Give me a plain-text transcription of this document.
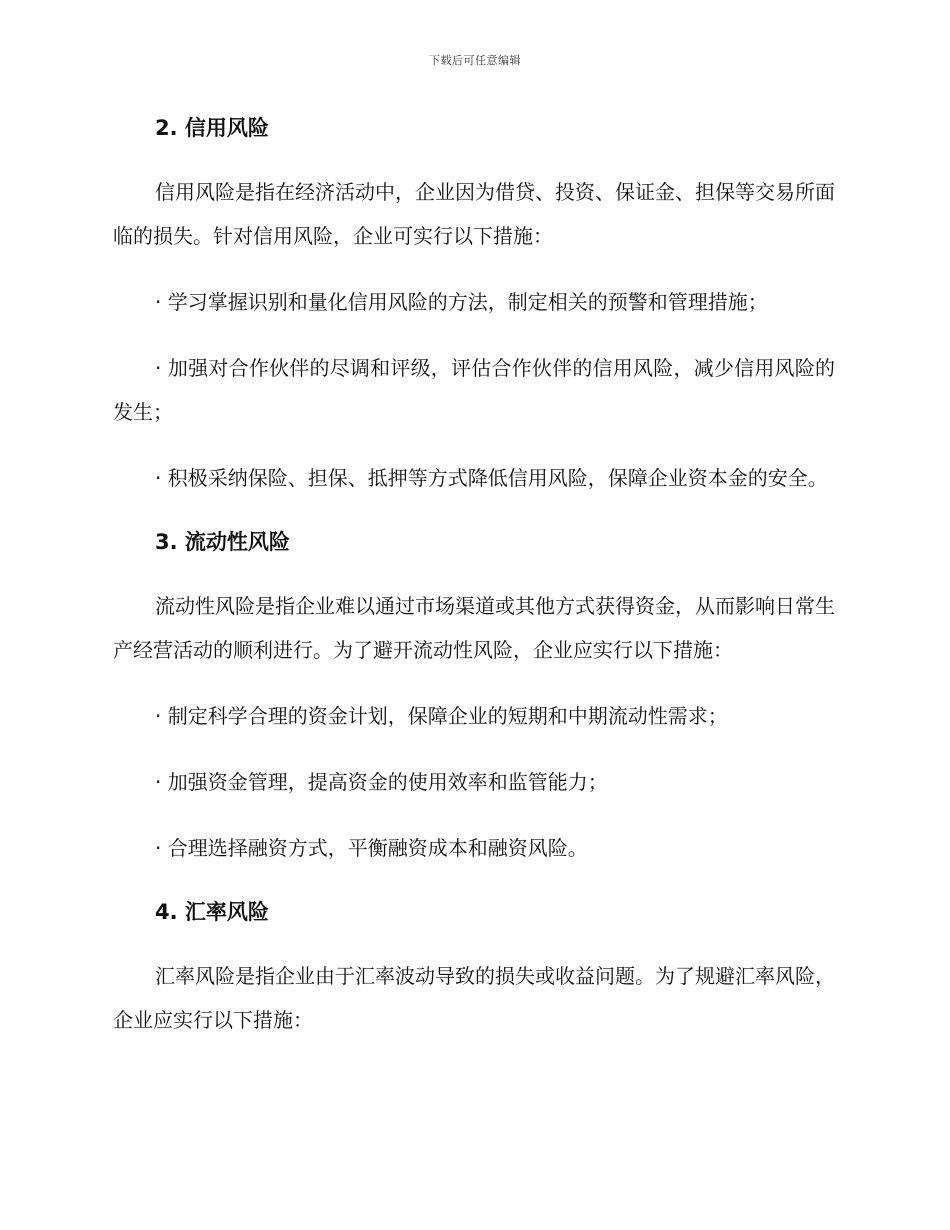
下载后可任意编辑
2. 信用风险

信用风险是指在经济活动中，企业因为借贷、投资、保证金、担保等交易所面临的损失。针对信用风险，企业可实行以下措施：

· 学习掌握识别和量化信用风险的方法，制定相关的预警和管理措施；

· 加强对合作伙伴的尽调和评级，评估合作伙伴的信用风险，减少信用风险的发生；

· 积极采纳保险、担保、抵押等方式降低信用风险，保障企业资本金的安全。

3. 流动性风险

流动性风险是指企业难以通过市场渠道或其他方式获得资金，从而影响日常生产经营活动的顺利进行。为了避开流动性风险，企业应实行以下措施：

· 制定科学合理的资金计划，保障企业的短期和中期流动性需求；

· 加强资金管理，提高资金的使用效率和监管能力；

· 合理选择融资方式，平衡融资成本和融资风险。

4. 汇率风险

汇率风险是指企业由于汇率波动导致的损失或收益问题。为了规避汇率风险，企业应实行以下措施：
